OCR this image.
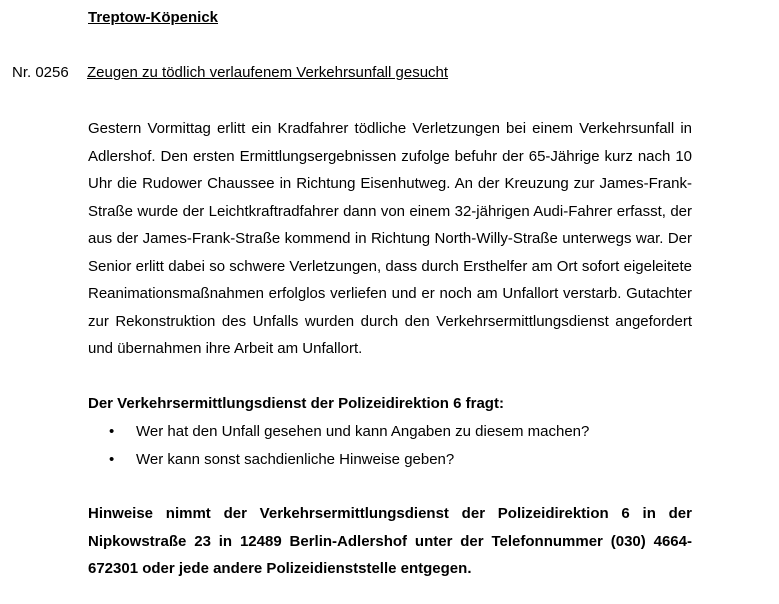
Treptow-Köpenick
Nr. 0256 Zeugen zu tödlich verlaufenem Verkehrsunfall gesucht

Gestern Vormittag erlitt ein Kradfahrer tödliche Verletzungen bei einem Verkehrsunfall in Adlershof. Den ersten Ermittlungsergebnissen zufolge befuhr der 65-Jährige kurz nach 10 Uhr die Rudower Chaussee in Richtung Eisenhutweg. An der Kreuzung zur James-Frank-Straße wurde der Leichtkraftradfahrer dann von einem 32-jährigen Audi-Fahrer erfasst, der aus der James-Frank-Straße kommend in Richtung North-Willy-Straße unterwegs war. Der Senior erlitt dabei so schwere Verletzungen, dass durch Ersthelfer am Ort sofort eigeleitete Reanimationsmaßnahmen erfolglos verliefen und er noch am Unfallort verstarb. Gutachter zur Rekonstruktion des Unfalls wurden durch den Verkehrsermittlungsdienst angefordert und übernahmen ihre Arbeit am Unfallort.

Der Verkehrsermittlungsdienst der Polizeidirektion 6 fragt:

• Wer hat den Unfall gesehen und kann Angaben zu diesem machen?
• Wer kann sonst sachdienliche Hinweise geben?

Hinweise nimmt der Verkehrsermittlungsdienst der Polizeidirektion 6 in der Nipkowstraße 23 in 12489 Berlin-Adlershof unter der Telefonnummer (030) 4664-672301 oder jede andere Polizeidienststelle entgegen.
